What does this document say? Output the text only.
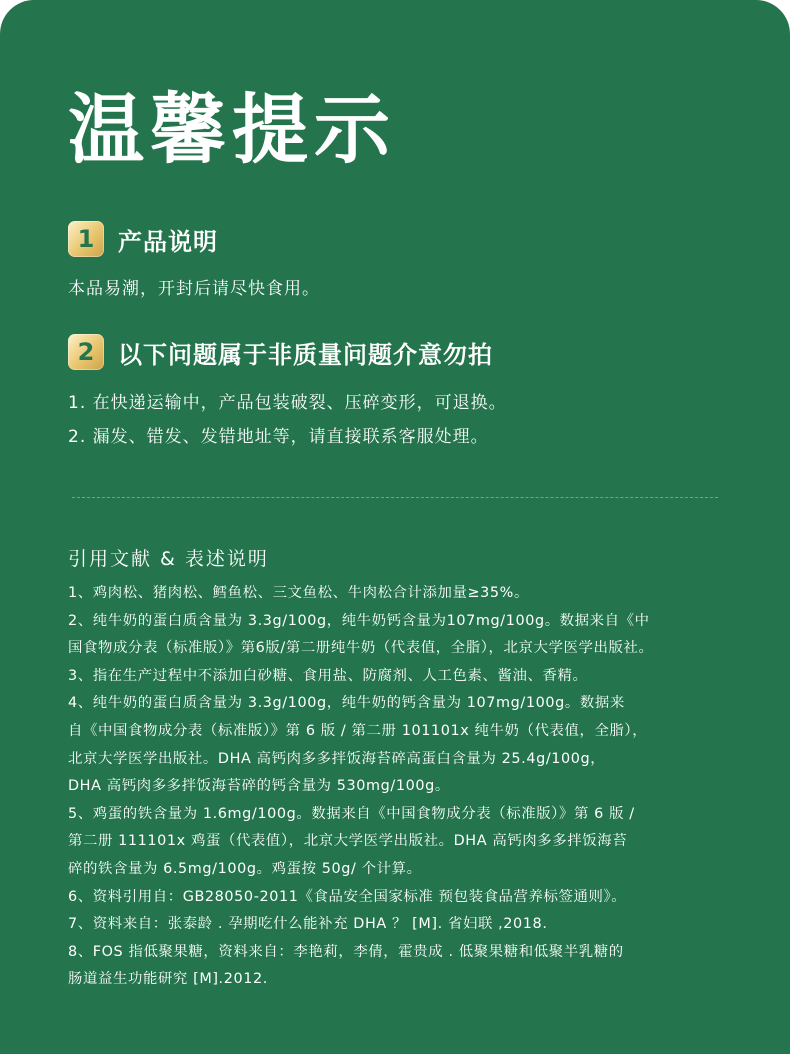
温馨提示
1 产品说明
本品易潮，开封后请尽快食用。
2 以下问题属于非质量问题介意勿拍
1. 在快递运输中，产品包装破裂、压碎变形，可退换。
2. 漏发、错发、发错地址等，请直接联系客服处理。
引用文献 & 表述说明
1、鸡肉松、猪肉松、鳕鱼松、三文鱼松、牛肉松合计添加量≥35%。
2、纯牛奶的蛋白质含量为 3.3g/100g，纯牛奶钙含量为107mg/100g。数据来自《中
国食物成分表（标准版）》第6版/第二册纯牛奶（代表值，全脂），北京大学医学出版社。
3、指在生产过程中不添加白砂糖、食用盐、防腐剂、人工色素、酱油、香精。
4、纯牛奶的蛋白质含量为 3.3g/100g，纯牛奶的钙含量为 107mg/100g。数据来
自《中国食物成分表（标准版）》第 6 版 / 第二册 101101x 纯牛奶（代表值，全脂），
北京大学医学出版社。DHA 高钙肉多多拌饭海苔碎高蛋白含量为 25.4g/100g，
DHA 高钙肉多多拌饭海苔碎的钙含量为 530mg/100g。
5、鸡蛋的铁含量为 1.6mg/100g。数据来自《中国食物成分表（标准版）》第 6 版 /
第二册 111101x 鸡蛋（代表值），北京大学医学出版社。DHA 高钙肉多多拌饭海苔
碎的铁含量为 6.5mg/100g。鸡蛋按 50g/ 个计算。
6、资料引用自：GB28050-2011《食品安全国家标准 预包装食品营养标签通则》。
7、资料来自：张泰龄 . 孕期吃什么能补充 DHA ？ [M]. 省妇联 ,2018.
8、FOS 指低聚果糖，资料来自：李艳莉，李倩，霍贵成 . 低聚果糖和低聚半乳糖的
肠道益生功能研究 [M].2012.
